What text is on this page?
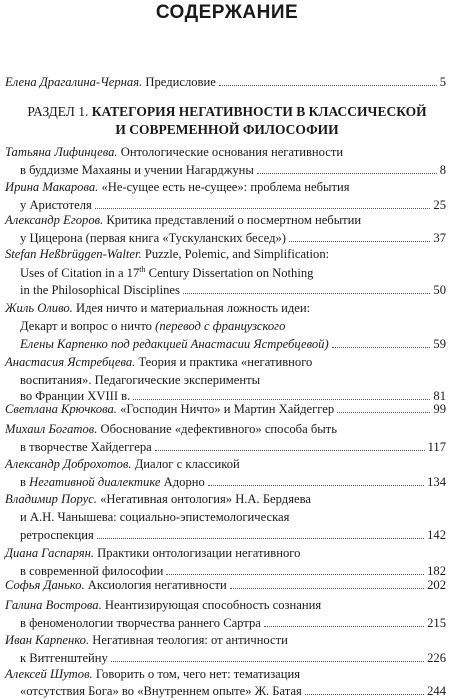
СОДЕРЖАНИЕ
Елена Драгалина-Черная. Предисловие	5
РАЗДЕЛ 1. КАТЕГОРИЯ НЕГАТИВНОСТИ В КЛАССИЧЕСКОЙ
И СОВРЕМЕННОЙ ФИЛОСОФИИ
Татьяна Лифинцева. Онтологические основания негативности
в буддизме Махаяны и учении Нагарджуны	8
Ирина Макарова. «Не-сущее есть не-сущее»: проблема небытия
у Аристотеля	25
Александр Егоров. Критика представлений о посмертном небытии
у Цицерона (первая книга «Тускуланских бесед»)	37
Stefan Heßbrüggen-Walter. Puzzle, Polemic, and Simplification:
Uses of Citation in a 17th Century Dissertation on Nothing
in the Philosophical Disciplines	50
Жиль Оливо. Идея ничто и материальная ложность идеи:
Декарт и вопрос о ничто (перевод с французского
Елены Карпенко под редакцией Анастасии Ястребцевой)	59
Анастасия Ястребцева. Теория и практика «негативного
воспитания». Педагогические эксперименты
во Франции XVIII в.	81
Светлана Крючкова. «Господин Ничто» и Мартин Хайдеггер	99
Михаил Богатов. Обоснование «дефективного» способа быть
в творчестве Хайдеггера	117
Александр Доброхотов. Диалог с классикой
в Негативной диалектике Адорно	134
Владимир Порус. «Негативная онтология» Н.А. Бердяева
и А.Н. Чанышева: социально-эпистемологическая
ретроспекция	142
Диана Гаспарян. Практики онтологизации негативного
в современной философии	182
Софья Данько. Аксиология негативности	202
Галина Вострова. Неантизирующая способность сознания
в феноменологии творчества раннего Сартра	215
Иван Карпенко. Негативная теология: от античности
к Витгенштейну	226
Алексей Шутов. Говорить о том, чего нет: тематизация
«отсутствия Бога» во «Внутреннем опыте» Ж. Батая	244
